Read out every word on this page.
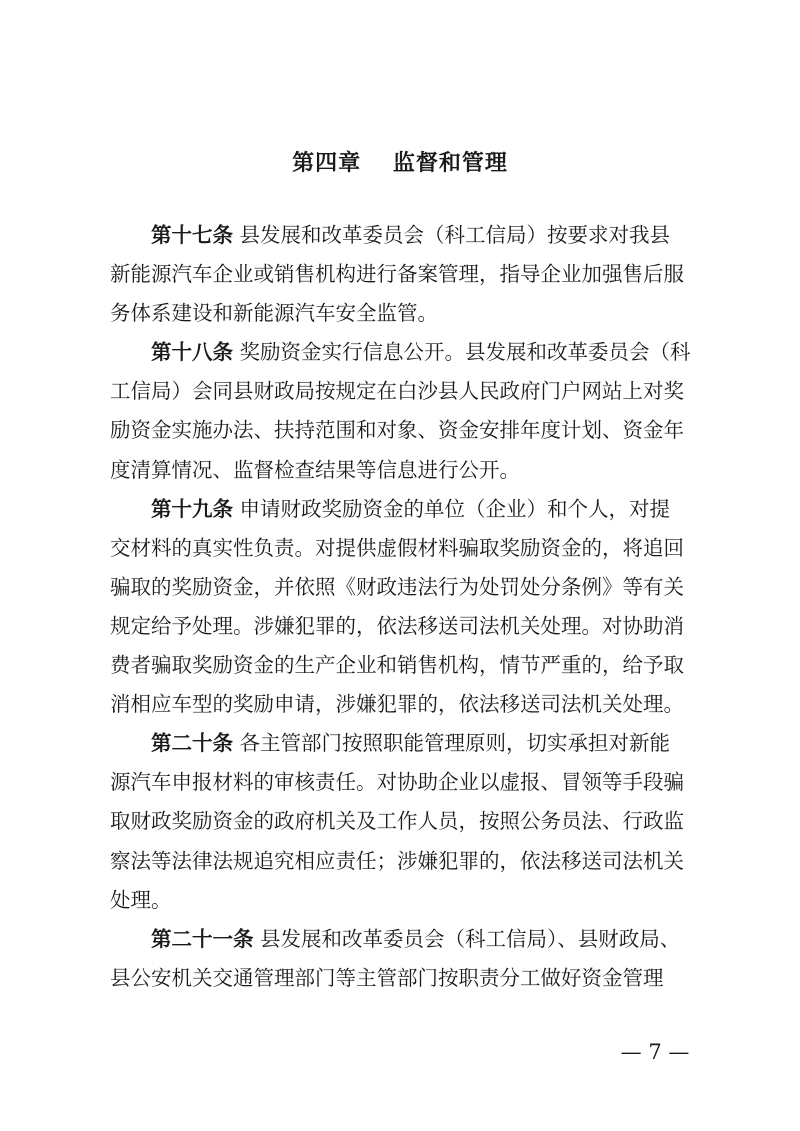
第四章　 监督和管理
第十七条 县发展和改革委员会（科工信局）按要求对我县
新能源汽车企业或销售机构进行备案管理，指导企业加强售后服
务体系建设和新能源汽车安全监管。
第十八条 奖励资金实行信息公开。县发展和改革委员会（科
工信局）会同县财政局按规定在白沙县人民政府门户网站上对奖
励资金实施办法、扶持范围和对象、资金安排年度计划、资金年
度清算情况、监督检查结果等信息进行公开。
第十九条 申请财政奖励资金的单位（企业）和个人，对提
交材料的真实性负责。对提供虚假材料骗取奖励资金的，将追回
骗取的奖励资金，并依照《财政违法行为处罚处分条例》等有关
规定给予处理。涉嫌犯罪的，依法移送司法机关处理。对协助消
费者骗取奖励资金的生产企业和销售机构，情节严重的，给予取
消相应车型的奖励申请，涉嫌犯罪的，依法移送司法机关处理。
第二十条 各主管部门按照职能管理原则，切实承担对新能
源汽车申报材料的审核责任。对协助企业以虚报、冒领等手段骗
取财政奖励资金的政府机关及工作人员，按照公务员法、行政监
察法等法律法规追究相应责任；涉嫌犯罪的，依法移送司法机关
处理。
第二十一条 县发展和改革委员会（科工信局）、县财政局、
县公安机关交通管理部门等主管部门按职责分工做好资金管理
— 7 —
